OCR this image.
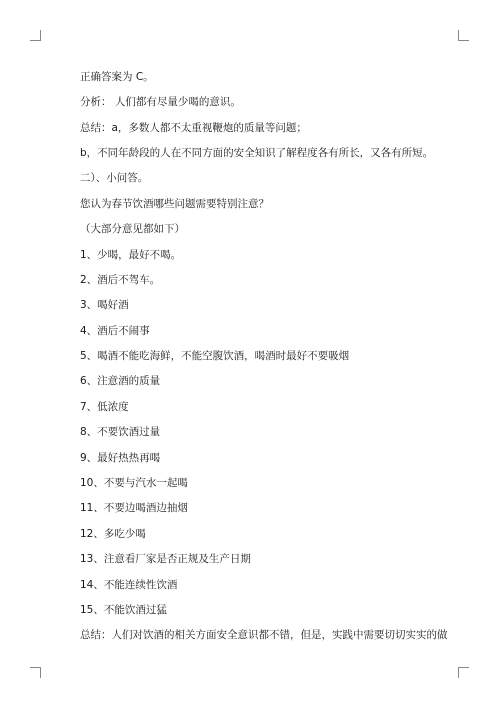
正确答案为 C。
分析： 人们都有尽量少喝的意识。
总结：a，多数人都不太重视鞭炮的质量等问题；
b，不同年龄段的人在不同方面的安全知识了解程度各有所长，又各有所短。
二）、小问答。
您认为春节饮酒哪些问题需要特别注意？
（大部分意见都如下）
1、少喝，最好不喝。
2、酒后不驾车。
3、喝好酒
4、酒后不闹事
5、喝酒不能吃海鲜，不能空腹饮酒，喝酒时最好不要吸烟
6、注意酒的质量
7、低浓度
8、不要饮酒过量
9、最好热热再喝
10、不要与汽水一起喝
11、不要边喝酒边抽烟
12、多吃少喝
13、注意看厂家是否正规及生产日期
14、不能连续性饮酒
15、不能饮酒过猛
总结：人们对饮酒的相关方面安全意识都不错，但是，实践中需要切切实实的做
